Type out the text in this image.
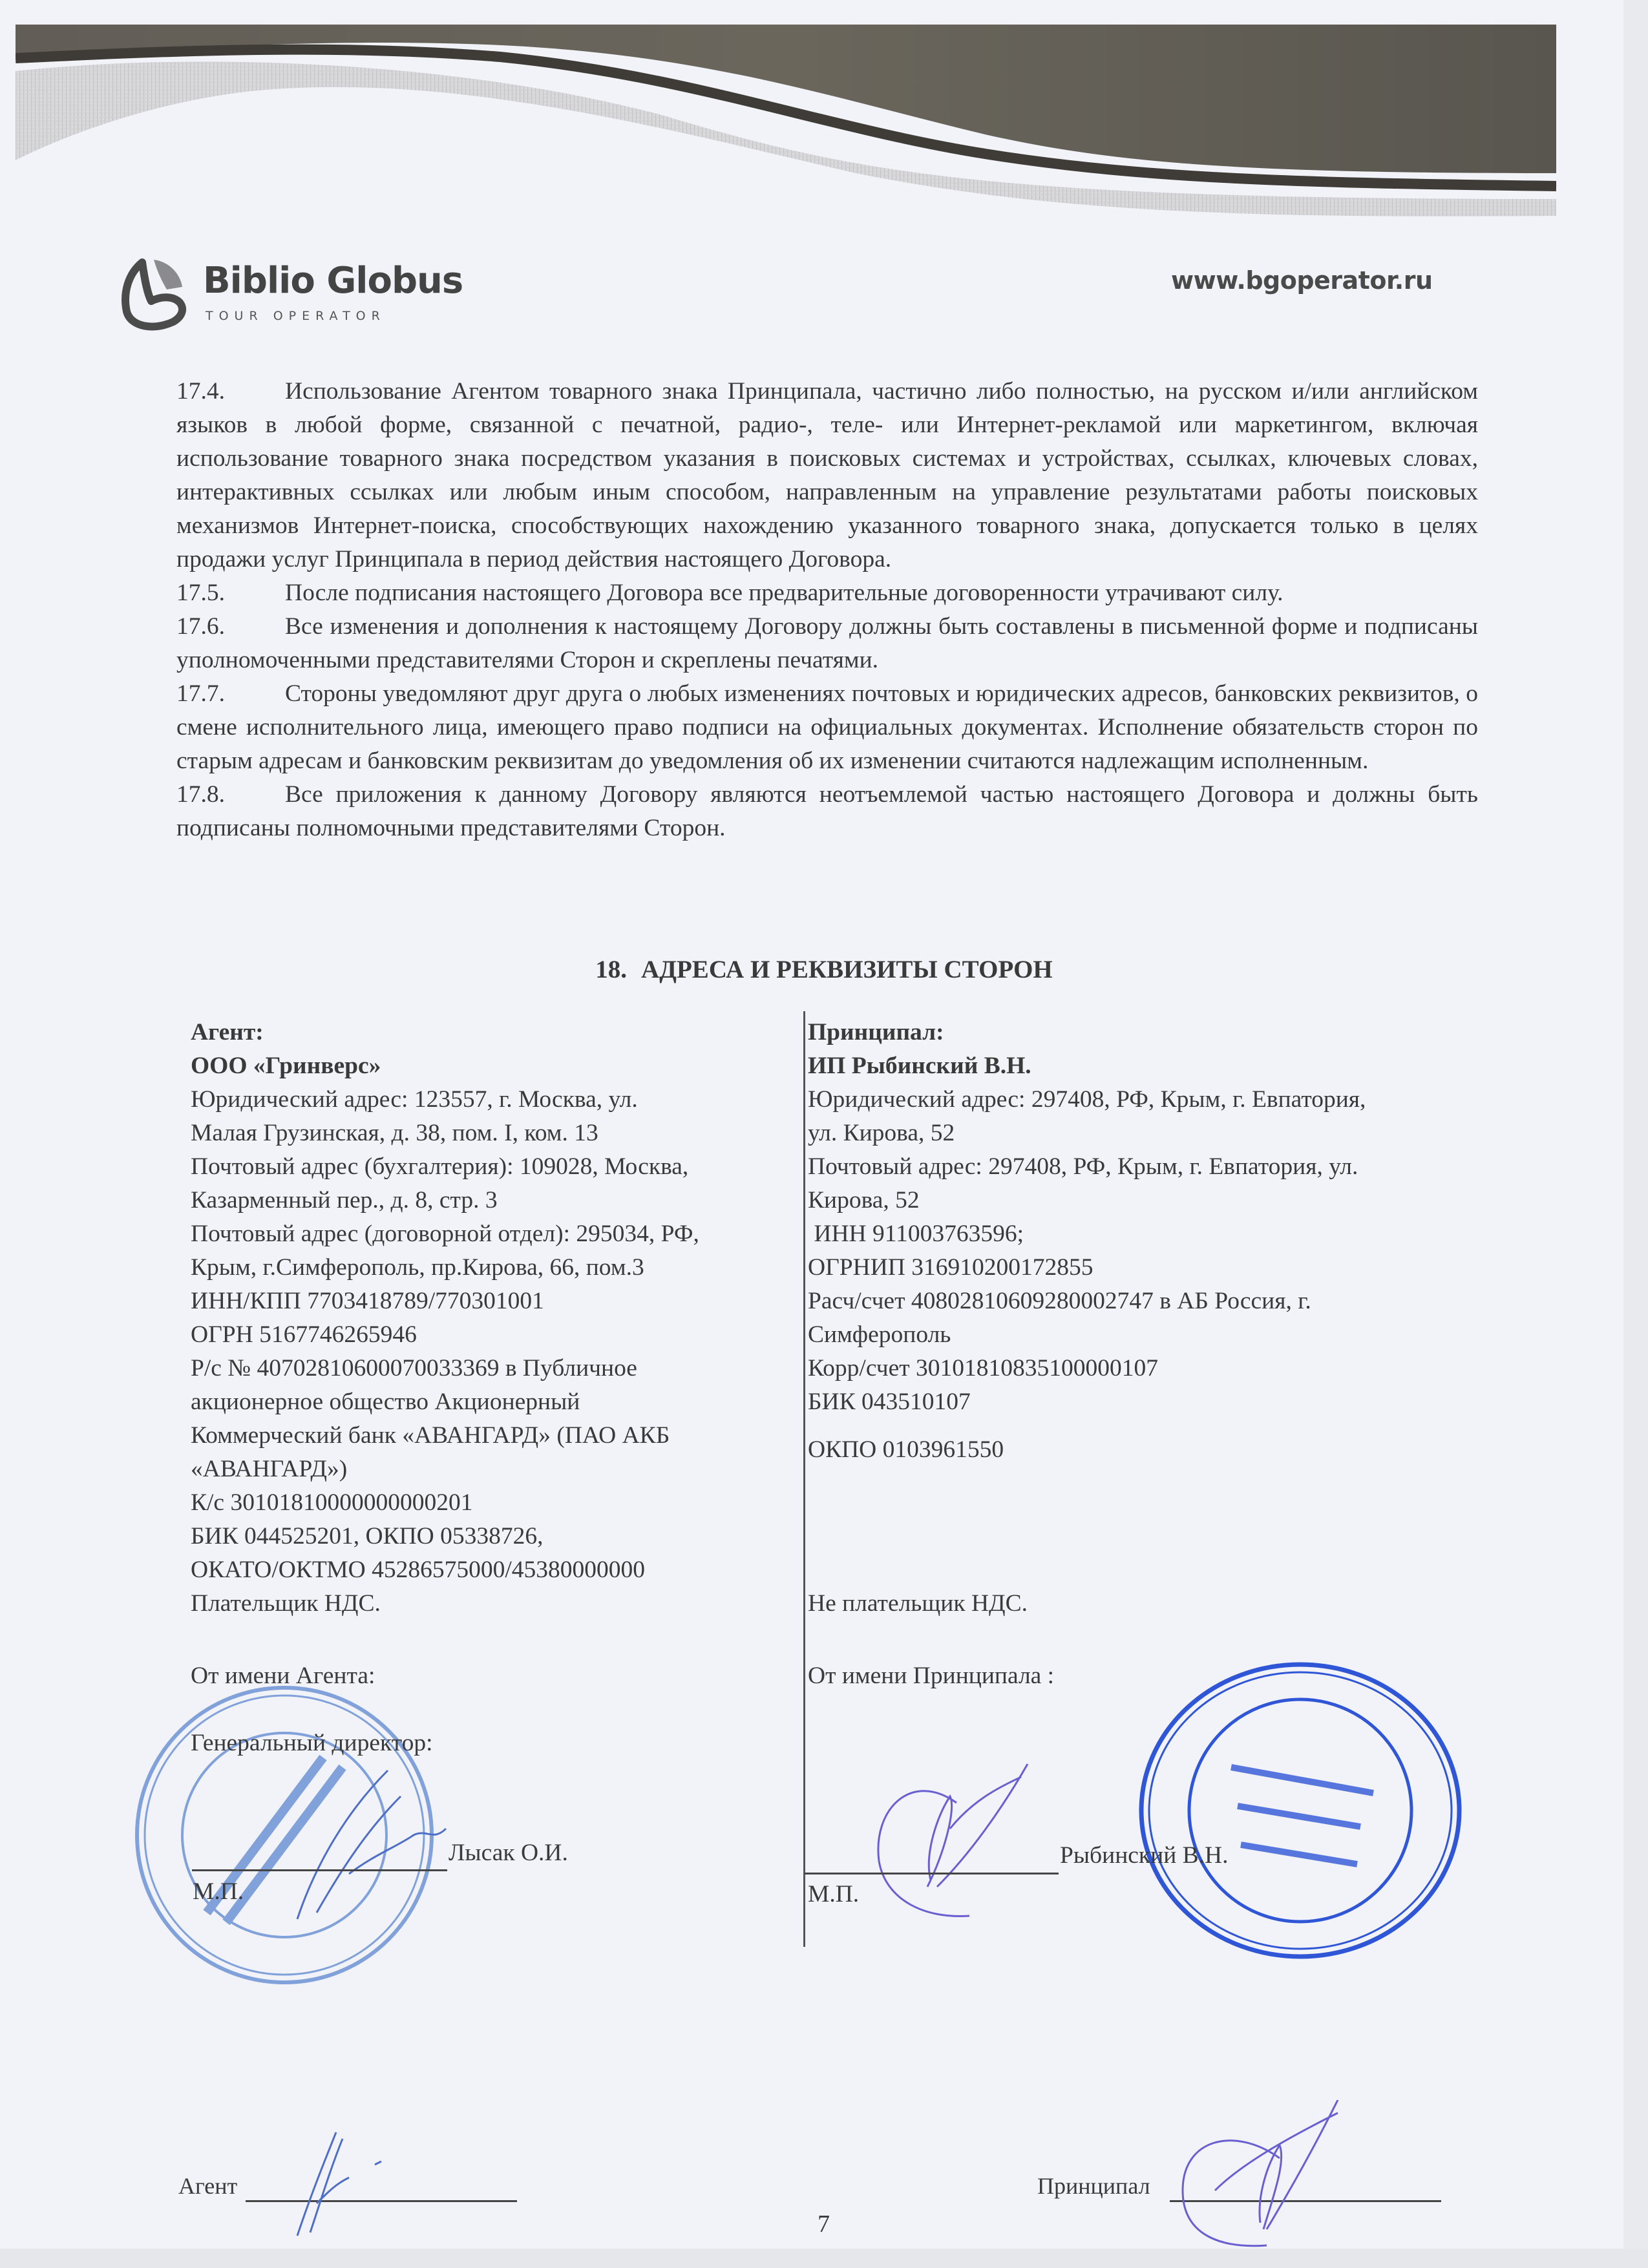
Biblio Globus
TOUR OPERATOR
www.bgoperator.ru

17.4. Использование Агентом товарного знака Принципала, частично либо полностью, на русском и/или английском языков в любой форме, связанной с печатной, радио-, теле- или Интернет-рекламой или маркетингом, включая использование товарного знака посредством указания в поисковых системах и устройствах, ссылках, ключевых словах, интерактивных ссылках или любым иным способом, направленным на управление результатами работы поисковых механизмов Интернет-поиска, способствующих нахождению указанного товарного знака, допускается только в целях продажи услуг Принципала в период действия настоящего Договора.

17.5. После подписания настоящего Договора все предварительные договоренности утрачивают силу.

17.6. Все изменения и дополнения к настоящему Договору должны быть составлены в письменной форме и подписаны уполномоченными представителями Сторон и скреплены печатями.

17.7. Стороны уведомляют друг друга о любых изменениях почтовых и юридических адресов, банковских реквизитов, о смене исполнительного лица, имеющего право подписи на официальных документах. Исполнение обязательств сторон по старым адресам и банковским реквизитам до уведомления об их изменении считаются надлежащим исполненным.

17.8. Все приложения к данному Договору являются неотъемлемой частью настоящего Договора и должны быть подписаны полномочными представителями Сторон.

18. АДРЕСА И РЕКВИЗИТЫ СТОРОН
Агент:
ООО «Гринверс»
Юридический адрес: 123557, г. Москва, ул.
Малая Грузинская, д. 38, пом. I, ком. 13
Почтовый адрес (бухгалтерия): 109028, Москва,
Казарменный пер., д. 8, стр. 3
Почтовый адрес (договорной отдел): 295034, РФ,
Крым, г.Симферополь, пр.Кирова, 66, пом.3
ИНН/КПП 7703418789/770301001
ОГРН 5167746265946
Р/с № 40702810600070033369 в Публичное
акционерное общество Акционерный
Коммерческий банк «АВАНГАРД» (ПАО АКБ
«АВАНГАРД»)
К/с 30101810000000000201
БИК 044525201, ОКПО 05338726,
ОКАТО/ОКТМО 45286575000/45380000000
Плательщик НДС.
От имени Агента:
Генеральный директор:
Лысак О.И.
М.П.
Принципал:
ИП Рыбинский В.Н.
Юридический адрес: 297408, РФ, Крым, г. Евпатория,
ул. Кирова, 52
Почтовый адрес: 297408, РФ, Крым, г. Евпатория, ул.
Кирова, 52
ИНН 911003763596;
ОГРНИП 316910200172855
Расч/счет 40802810609280002747 в АБ Россия, г.
Симферополь
Корр/счет 30101810835100000107
БИК 043510107
ОКПО 0103961550
Не плательщик НДС.
От имени Принципала :
Рыбинский В.Н.
М.П.
Агент	Принципал
7
